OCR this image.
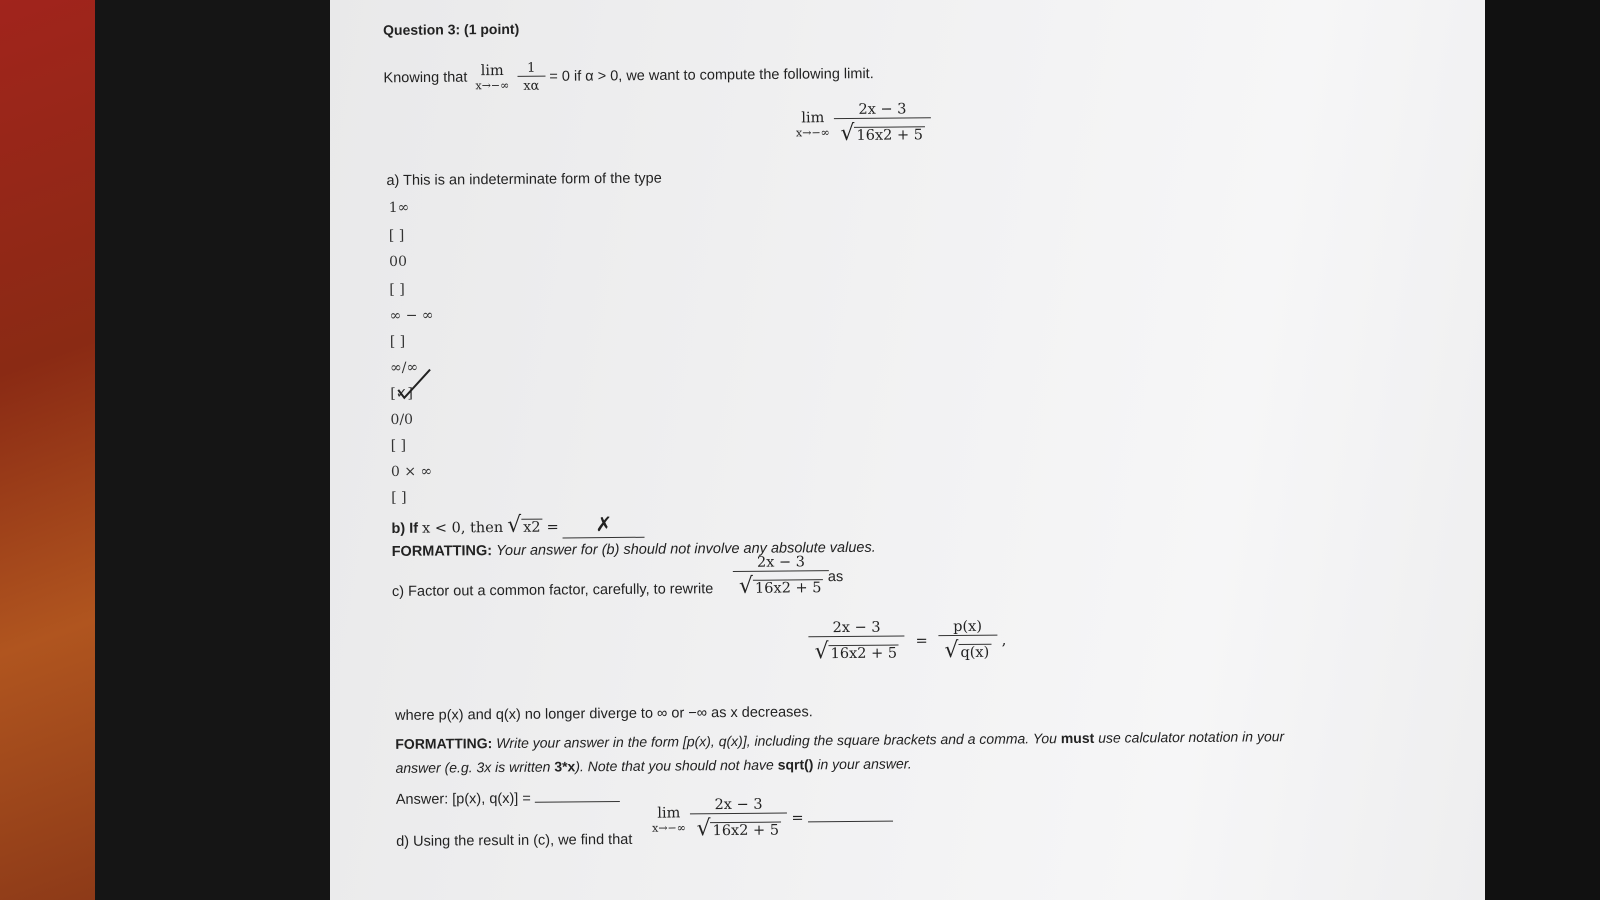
Question 3: (1 point)
Knowing that lim
x→−∞
$\frac{1}{x\alpha} = 0$ if α > 0, we want to compute the following limit.
lim
x→−∞
$\frac{2x - 3}{√ 16x2 + 5}$
a) This is an indeterminate form of the type
1∞
[ ]
00
[ ]
∞ − ∞
[ ]
∞/∞
[✓]
0/0
[ ]
0 × ∞
[ ]
b) If x < 0, then √ x2 = ✗
FORMATTING: Your answer for (b) should not involve any absolute values.
c) Factor out a common factor, carefully, to rewrite $\frac{2x - 3}{√ 16x2 + 5}$
as
$\frac{2x - 3}{√ 16x2 + 5} = \frac{p(x)}{√ q(x)}$ ,
where p(x) and q(x) no longer diverge to ∞ or −∞ as x decreases.
FORMATTING: Write your answer in the form [p(x), q(x)], including the square brackets and a comma. You must use calculator notation in your
answer (e.g. 3x is written 3*x). Note that you should not have sqrt() in your answer.
Answer: [p(x), q(x)] =
d) Using the result in (c), we find that
lim
x→−∞
$\frac{2x - 3}{√ 16x2 + 5}$ =
